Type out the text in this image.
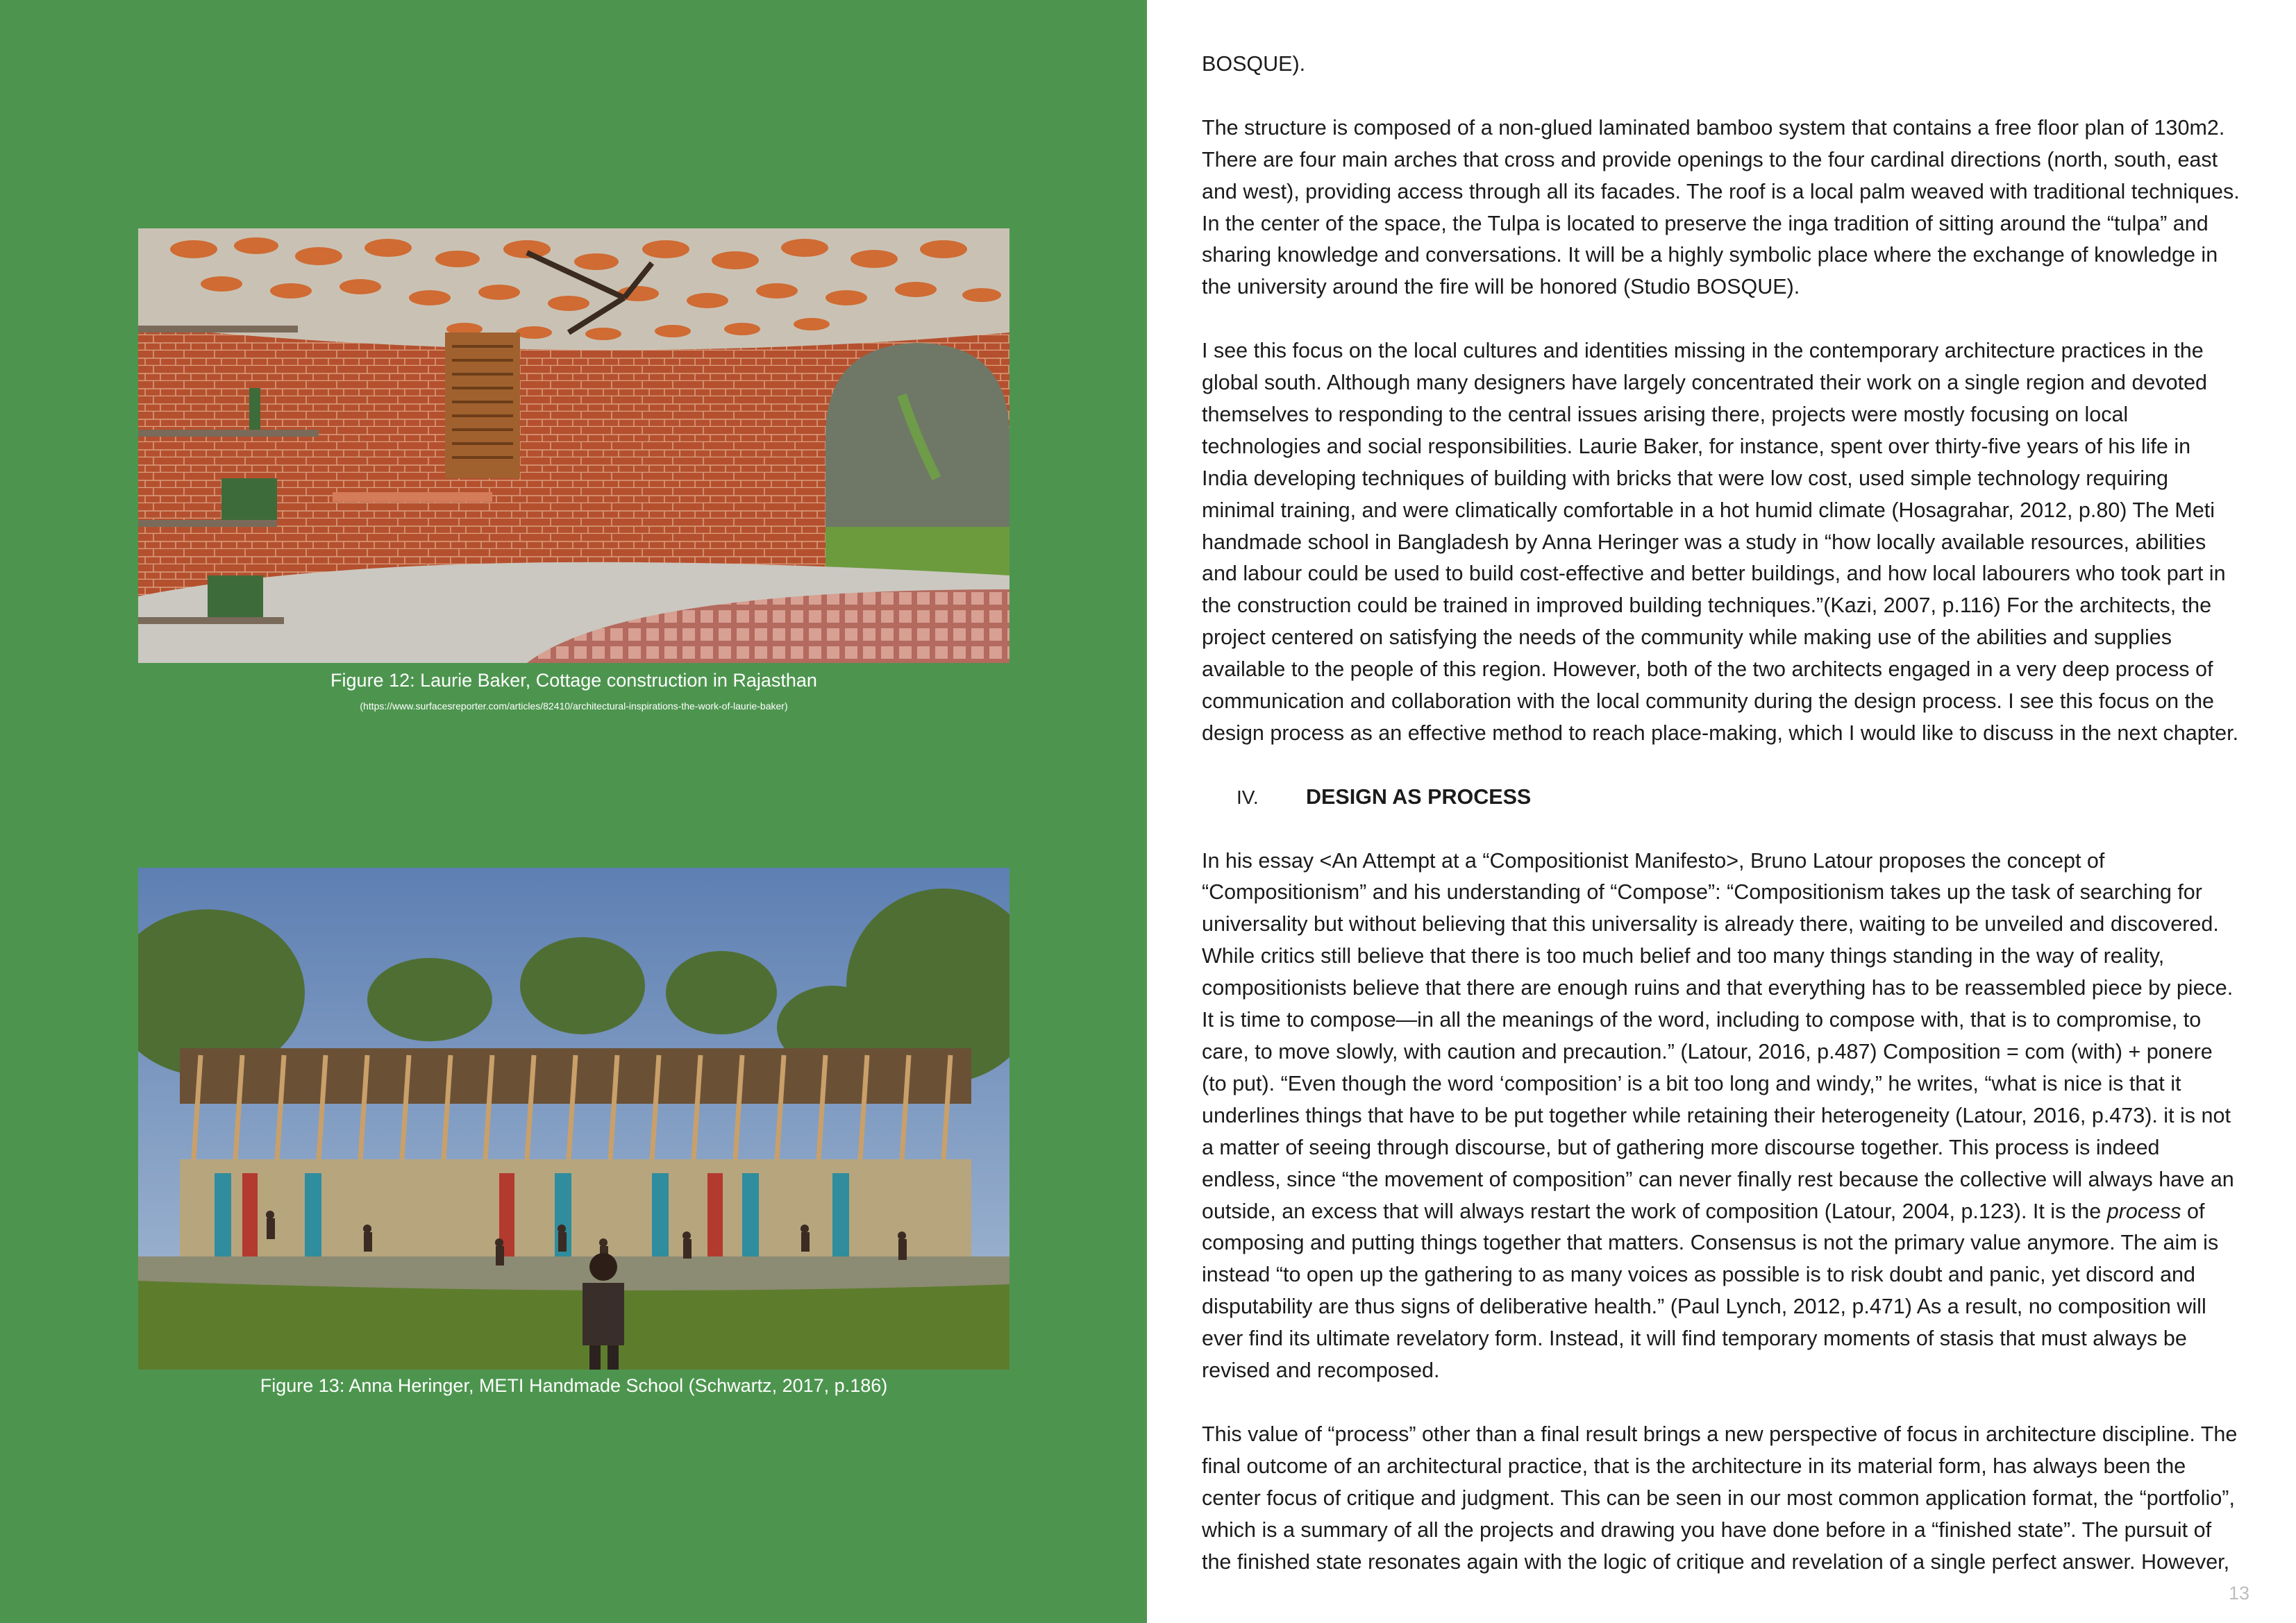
Figure 12: Laurie Baker, Cottage construction in Rajasthan
(https://www.surfacesreporter.com/articles/82410/architectural-inspirations-the-work-of-laurie-baker)
Figure 13: Anna Heringer, METI Handmade School (Schwartz, 2017, p.186)

BOSQUE).

The structure is composed of a non-glued laminated bamboo system that contains a free floor plan of 130m2. There are four main arches that cross and provide openings to the four cardinal directions (north, south, east and west), providing access through all its facades. The roof is a local palm weaved with traditional techniques. In the center of the space, the Tulpa is located to preserve the inga tradition of sitting around the “tulpa” and sharing knowledge and conversations. It will be a highly symbolic place where the exchange of knowledge in the university around the fire will be honored (Studio BOSQUE).

I see this focus on the local cultures and identities missing in the contemporary architecture practices in the global south. Although many designers have largely concentrated their work on a single region and devoted themselves to responding to the central issues arising there, projects were mostly focusing on local technologies and social responsibilities. Laurie Baker, for instance, spent over thirty-five years of his life in India developing techniques of building with bricks that were low cost, used simple technology requiring minimal training, and were climatically comfortable in a hot humid climate (Hosagrahar, 2012, p.80) The Meti handmade school in Bangladesh by Anna Heringer was a study in “how locally available resources, abilities and labour could be used to build cost-effective and better buildings, and how local labourers who took part in the construction could be trained in improved building techniques.”(Kazi, 2007, p.116) For the architects, the project centered on satisfying the needs of the community while making use of the abilities and supplies available to the people of this region. However, both of the two architects engaged in a very deep process of communication and collaboration with the local community during the design process. I see this focus on the design process as an effective method to reach place-making, which I would like to discuss in the next chapter.

IV. DESIGN AS PROCESS

In his essay <An Attempt at a “Compositionist Manifesto>, Bruno Latour proposes the concept of “Compositionism” and his understanding of “Compose”: “Compositionism takes up the task of searching for universality but without believing that this universality is already there, waiting to be unveiled and discovered. While critics still believe that there is too much belief and too many things standing in the way of reality, compositionists believe that there are enough ruins and that everything has to be reassembled piece by piece. It is time to compose—in all the meanings of the word, including to compose with, that is to compromise, to care, to move slowly, with caution and precaution.” (Latour, 2016, p.487) Composition = com (with) + ponere (to put). “Even though the word ‘composition’ is a bit too long and windy,” he writes, “what is nice is that it underlines things that have to be put together while retaining their heterogeneity (Latour, 2016, p.473). it is not a matter of seeing through discourse, but of gathering more discourse together. This process is indeed endless, since “the movement of composition” can never finally rest because the collective will always have an outside, an excess that will always restart the work of composition (Latour, 2004, p.123). It is the process of composing and putting things together that matters. Consensus is not the primary value anymore. The aim is instead “to open up the gathering to as many voices as possible is to risk doubt and panic, yet discord and disputability are thus signs of deliberative health.” (Paul Lynch, 2012, p.471) As a result, no composition will ever find its ultimate revelatory form. Instead, it will find temporary moments of stasis that must always be revised and recomposed.

This value of “process” other than a final result brings a new perspective of focus in architecture discipline. The final outcome of an architectural practice, that is the architecture in its material form, has always been the center focus of critique and judgment. This can be seen in our most common application format, the “portfolio”, which is a summary of all the projects and drawing you have done before in a “finished state”. The pursuit of the finished state resonates again with the logic of critique and revelation of a single perfect answer. However,

13
